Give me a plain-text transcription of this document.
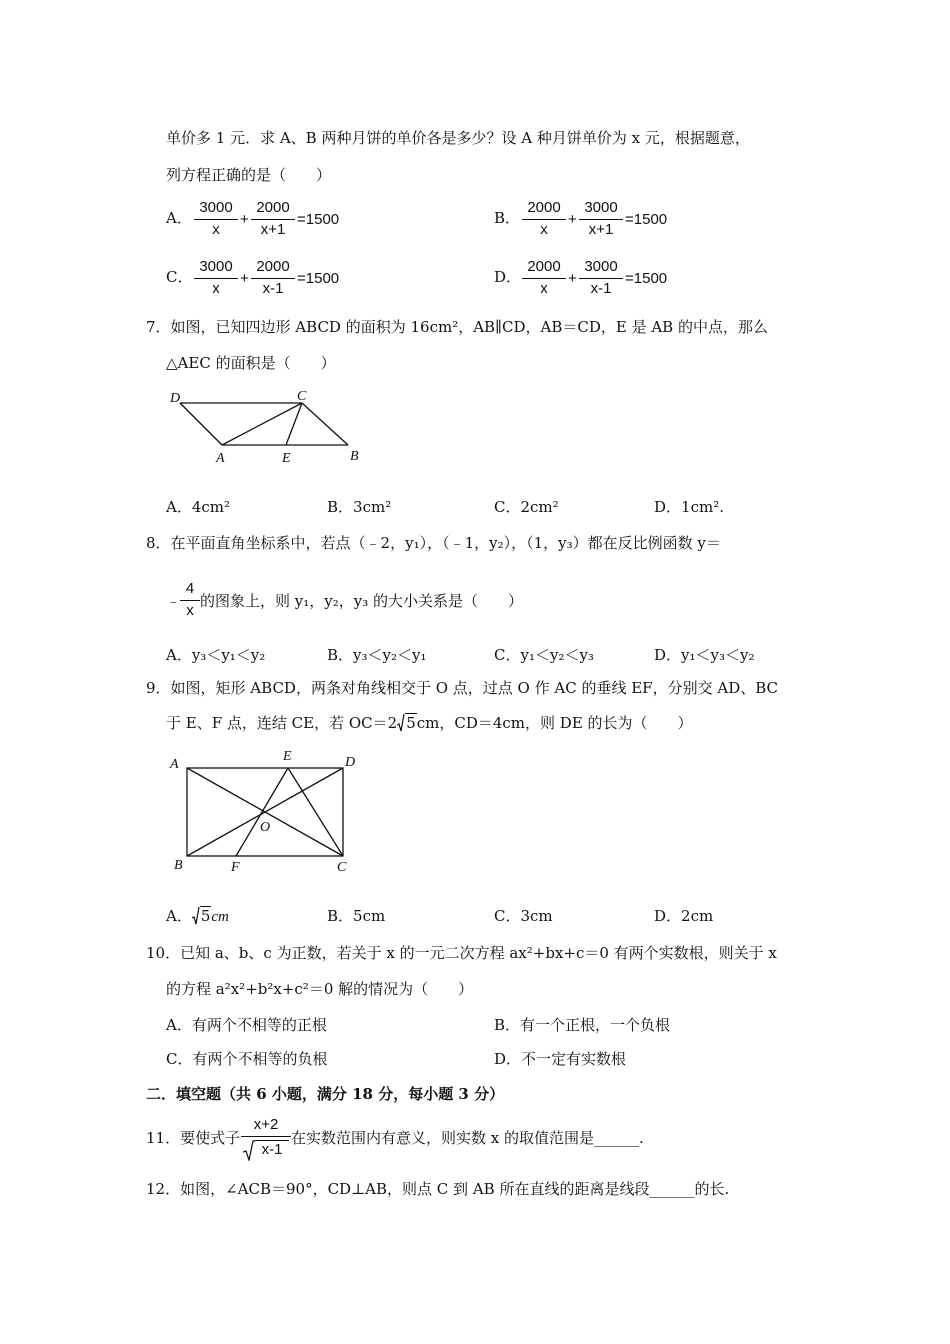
单价多 1 元．求 A、B 两种月饼的单价各是多少？设 A 种月饼单价为 x 元，根据题意，
列方程正确的是（　　）
A．
3000
x
+
2000
x+1
=1500	B．
2000
x
+
3000
x+1
=1500
C．
3000
x
+
2000
x-1
=1500	D．
2000
x
+
3000
x-1
=1500
7．如图，已知四边形 ABCD 的面积为 16cm²，AB∥CD，AB＝CD，E 是 AB 的中点，那么
△AEC 的面积是（　　）
D	C
A	E	B
A．4cm²	B．3cm²	C．2cm²	D．1cm².
8．在平面直角坐标系中，若点（﹣2，y₁），（﹣1，y₂），（1，y₃）都在反比例函数 y＝
﹣
4
x
的图象上，则 y₁，y₂，y₃ 的大小关系是（　　）
A．y₃＜y₁＜y₂	B．y₃＜y₂＜y₁	C．y₁＜y₂＜y₃	D．y₁＜y₃＜y₂
9．如图，矩形 ABCD，两条对角线相交于 O 点，过点 O 作 AC 的垂线 EF，分别交 AD、BC
于 E、F 点，连结 CE，若 OC＝2 5cm，CD＝4cm，则 DE 的长为（　　）
A
E	D
O
B	F	C
A． 5cm	B．5cm	C．3cm	D．2cm
10．已知 a、b、c 为正数，若关于 x 的一元二次方程 ax²+bx+c＝0 有两个实数根，则关于 x
的方程 a²x²+b²x+c²＝0 解的情况为（　　）
A．有两个不相等的正根	B．有一个正根，一个负根
C．有两个不相等的负根	D．不一定有实数根
二．填空题（共 6 小题，满分 18 分，每小题 3 分）
11．要使式子
x+2
x-1
在实数范围内有意义，则实数 x 的取值范围是______.
12．如图，∠ACB＝90°，CD⊥AB，则点 C 到 AB 所在直线的距离是线段______的长.
